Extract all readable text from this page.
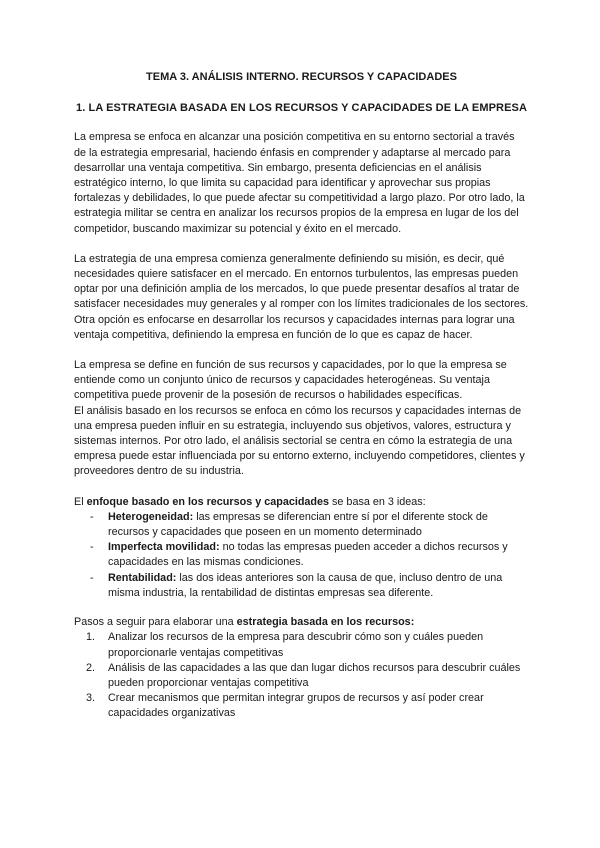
TEMA 3. ANÁLISIS INTERNO. RECURSOS Y CAPACIDADES
1. LA ESTRATEGIA BASADA EN LOS RECURSOS Y CAPACIDADES DE LA EMPRESA

La empresa se enfoca en alcanzar una posición competitiva en su entorno sectorial a través de la estrategia empresarial, haciendo énfasis en comprender y adaptarse al mercado para desarrollar una ventaja competitiva. Sin embargo, presenta deficiencias en el análisis estratégico interno, lo que limita su capacidad para identificar y aprovechar sus propias fortalezas y debilidades, lo que puede afectar su competitividad a largo plazo. Por otro lado, la estrategia militar se centra en analizar los recursos propios de la empresa en lugar de los del competidor, buscando maximizar su potencial y éxito en el mercado.

La estrategia de una empresa comienza generalmente definiendo su misión, es decir, qué necesidades quiere satisfacer en el mercado. En entornos turbulentos, las empresas pueden optar por una definición amplia de los mercados, lo que puede presentar desafíos al tratar de satisfacer necesidades muy generales y al romper con los límites tradicionales de los sectores. Otra opción es enfocarse en desarrollar los recursos y capacidades internas para lograr una ventaja competitiva, definiendo la empresa en función de lo que es capaz de hacer.

La empresa se define en función de sus recursos y capacidades, por lo que la empresa se entiende como un conjunto único de recursos y capacidades heterogéneas. Su ventaja competitiva puede provenir de la posesión de recursos o habilidades específicas.

El análisis basado en los recursos se enfoca en cómo los recursos y capacidades internas de una empresa pueden influir en su estrategia, incluyendo sus objetivos, valores, estructura y sistemas internos. Por otro lado, el análisis sectorial se centra en cómo la estrategia de una empresa puede estar influenciada por su entorno externo, incluyendo competidores, clientes y proveedores dentro de su industria.

El enfoque basado en los recursos y capacidades se basa en 3 ideas:
- Heterogeneidad: las empresas se diferencian entre sí por el diferente stock de recursos y capacidades que poseen en un momento determinado
- Imperfecta movilidad: no todas las empresas pueden acceder a dichos recursos y capacidades en las mismas condiciones.
- Rentabilidad: las dos ideas anteriores son la causa de que, incluso dentro de una misma industria, la rentabilidad de distintas empresas sea diferente.
Pasos a seguir para elaborar una estrategia basada en los recursos:
1. Analizar los recursos de la empresa para descubrir cómo son y cuáles pueden proporcionarle ventajas competitivas
2. Análisis de las capacidades a las que dan lugar dichos recursos para descubrir cuáles pueden proporcionar ventajas competitiva
3. Crear mecanismos que permitan integrar grupos de recursos y así poder crear capacidades organizativas
